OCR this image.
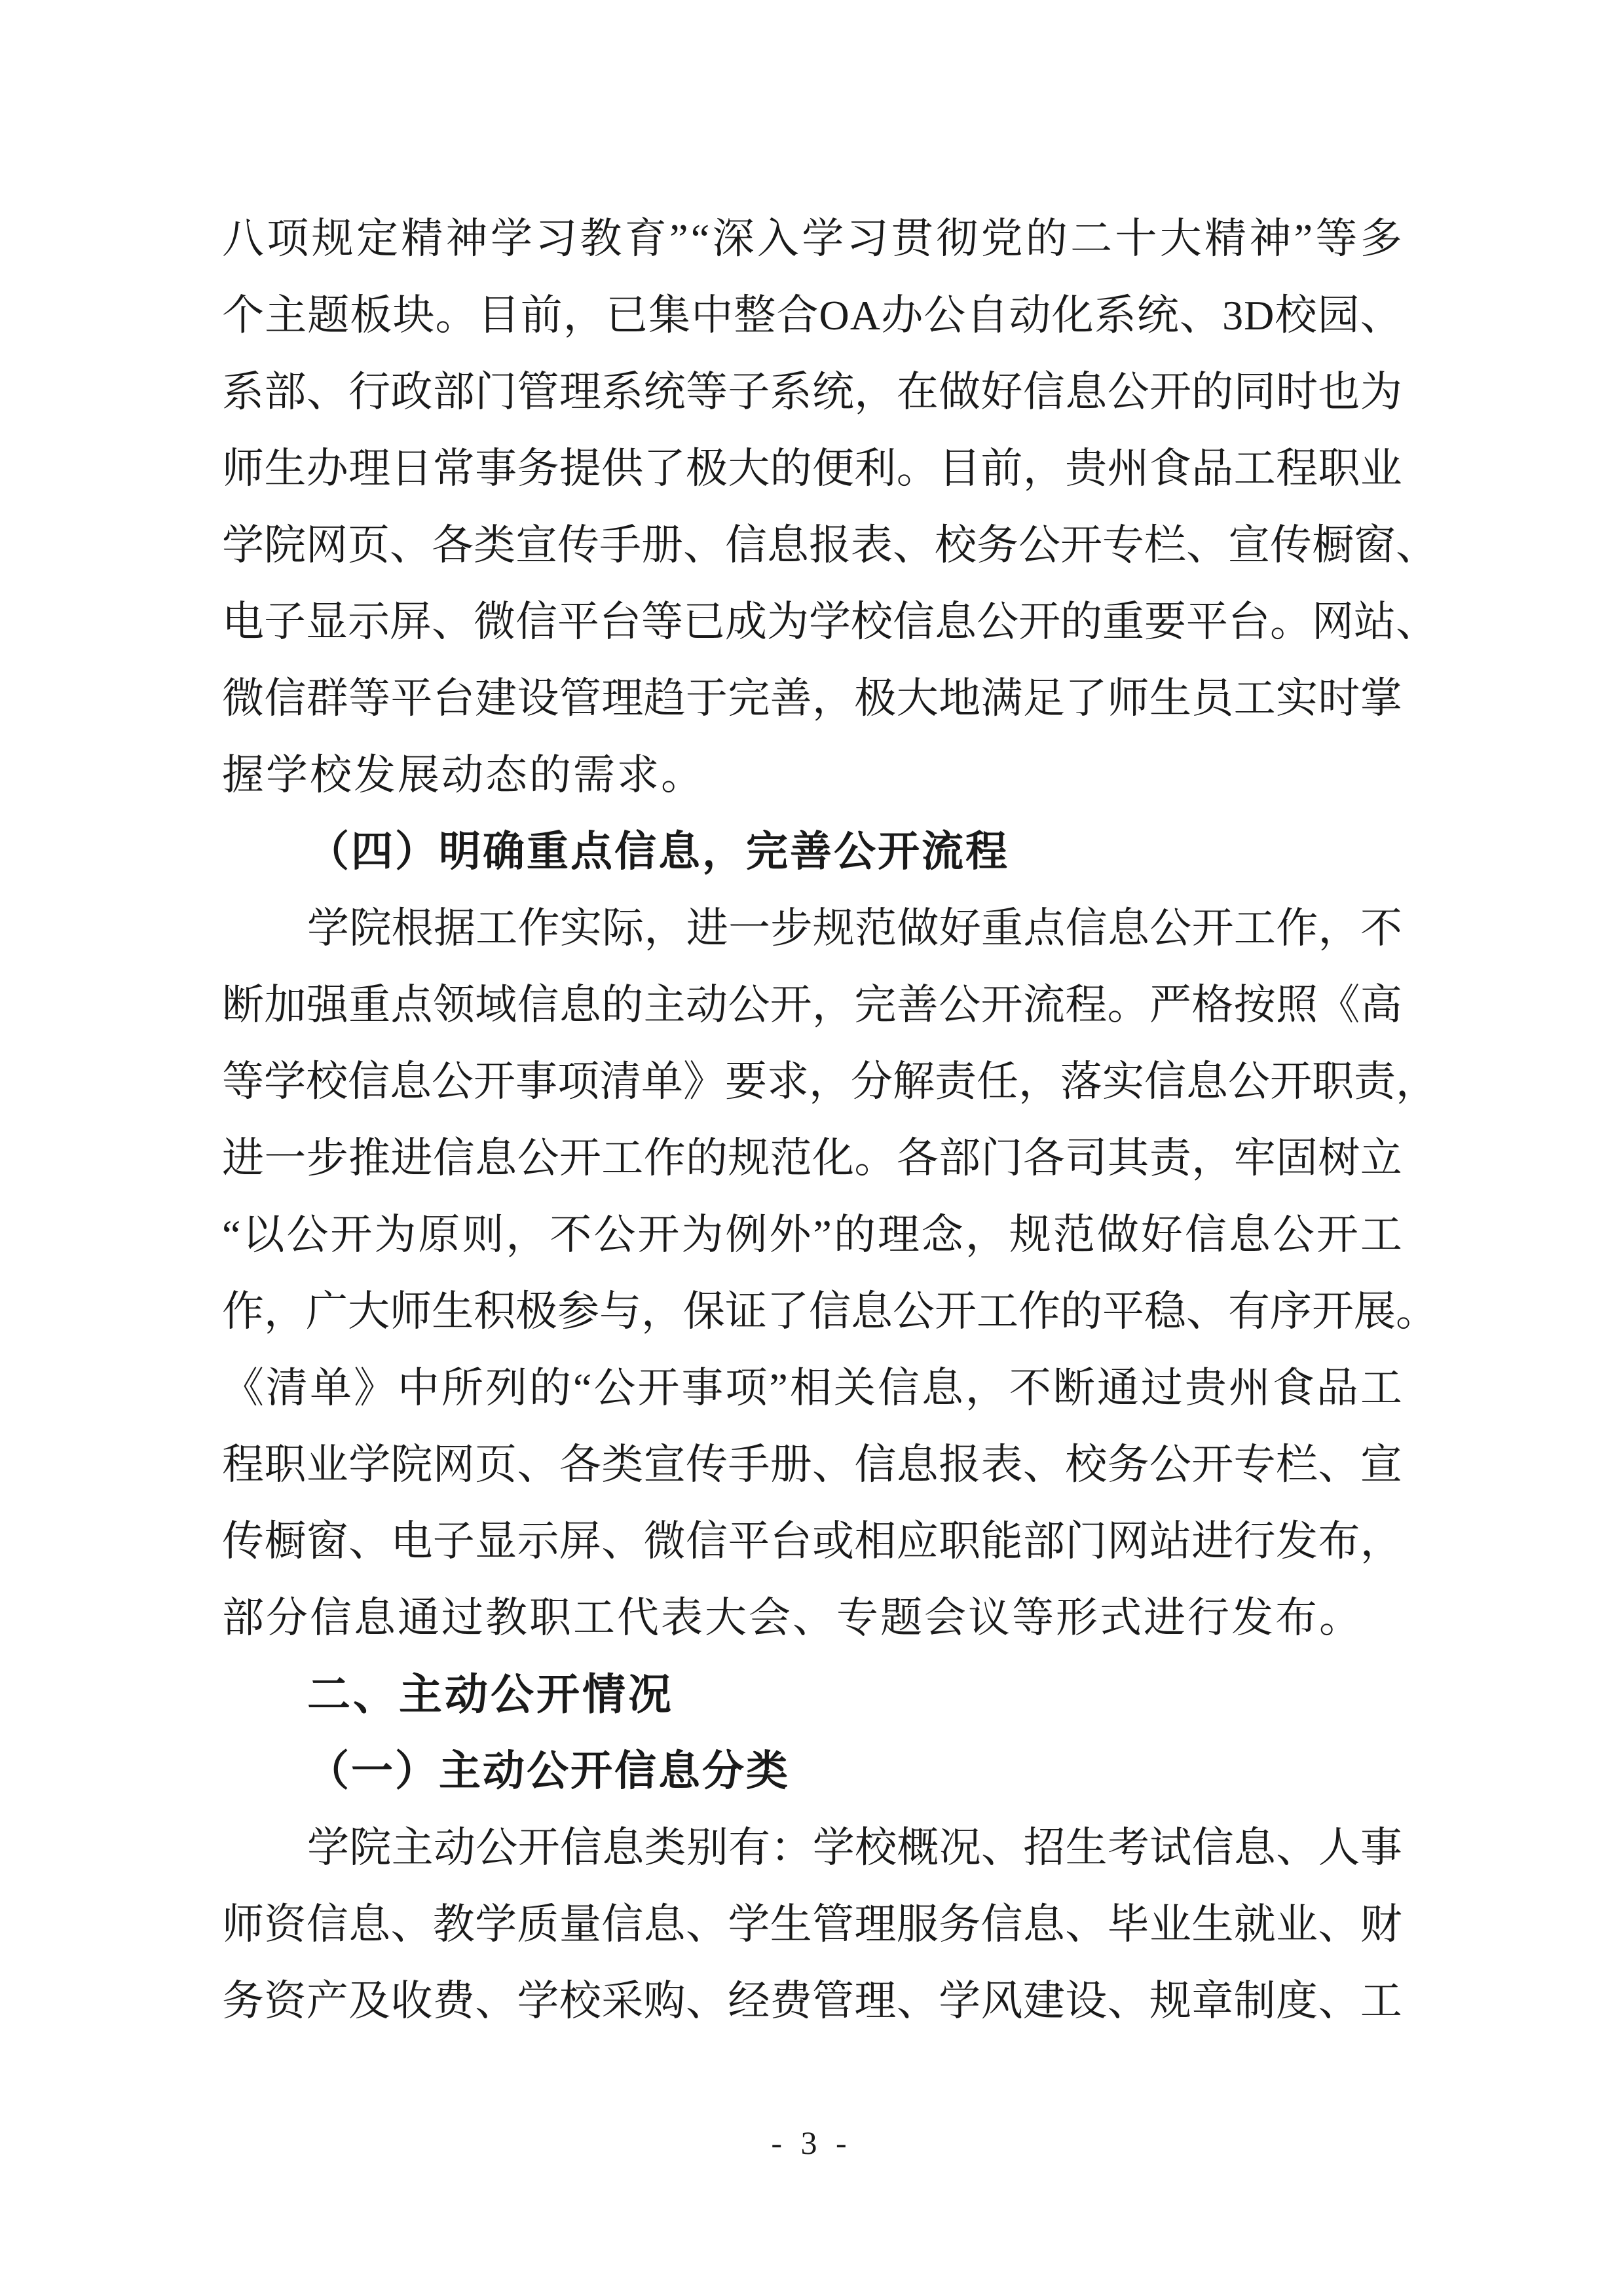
八 项 规 定 精 神 学 习 教 育 ” “ 深 入 学 习 贯 彻 党 的 二 十 大 精 神 ” 等 多
个 主 题 板 块 。 目 前 ， 已 集 中 整 合 O A 办 公 自 动 化 系 统 、 3 D 校 园 、
系 部 、 行 政 部 门 管 理 系 统 等 子 系 统 ， 在 做 好 信 息 公 开 的 同 时 也 为
师 生 办 理 日 常 事 务 提 供 了 极 大 的 便 利 。 目 前 ， 贵 州 食 品 工 程 职 业
学 院 网 页 、 各 类 宣 传 手 册 、 信 息 报 表 、 校 务 公 开 专 栏 、 宣 传 橱 窗 、
电 子 显 示 屏 、 微 信 平 台 等 已 成 为 学 校 信 息 公 开 的 重 要 平 台 。 网 站 、
微 信 群 等 平 台 建 设 管 理 趋 于 完 善 ， 极 大 地 满 足 了 师 生 员 工 实 时 掌
握学校发展动态的需求。
（四）明确重点信息，完善公开流程
学 院 根 据 工 作 实 际 ， 进 一 步 规 范 做 好 重 点 信 息 公 开 工 作 ， 不
断 加 强 重 点 领 域 信 息 的 主 动 公 开 ， 完 善 公 开 流 程 。 严 格 按 照 《 高
等 学 校 信 息 公 开 事 项 清 单 》 要 求 ， 分 解 责 任 ， 落 实 信 息 公 开 职 责 ，
进 一 步 推 进 信 息 公 开 工 作 的 规 范 化 。 各 部 门 各 司 其 责 ， 牢 固 树 立
“ 以 公 开 为 原 则 ， 不 公 开 为 例 外 ” 的 理 念 ， 规 范 做 好 信 息 公 开 工
作 ， 广 大 师 生 积 极 参 与 ， 保 证 了 信 息 公 开 工 作 的 平 稳 、 有 序 开 展 。
《 清 单 》 中 所 列 的 “ 公 开 事 项 ” 相 关 信 息 ， 不 断 通 过 贵 州 食 品 工
程 职 业 学 院 网 页 、 各 类 宣 传 手 册 、 信 息 报 表 、 校 务 公 开 专 栏 、 宣
传 橱 窗 、 电 子 显 示 屏 、 微 信 平 台 或 相 应 职 能 部 门 网 站 进 行 发 布 ，
部分信息通过教职工代表大会、专题会议等形式进行发布。
二、主动公开情况
（一）主动公开信息分类
学 院 主 动 公 开 信 息 类 别 有 ： 学 校 概 况 、 招 生 考 试 信 息 、 人 事
师 资 信 息 、 教 学 质 量 信 息 、 学 生 管 理 服 务 信 息 、 毕 业 生 就 业 、 财
务 资 产 及 收 费 、 学 校 采 购 、 经 费 管 理 、 学 风 建 设 、 规 章 制 度 、 工
- 3 -
